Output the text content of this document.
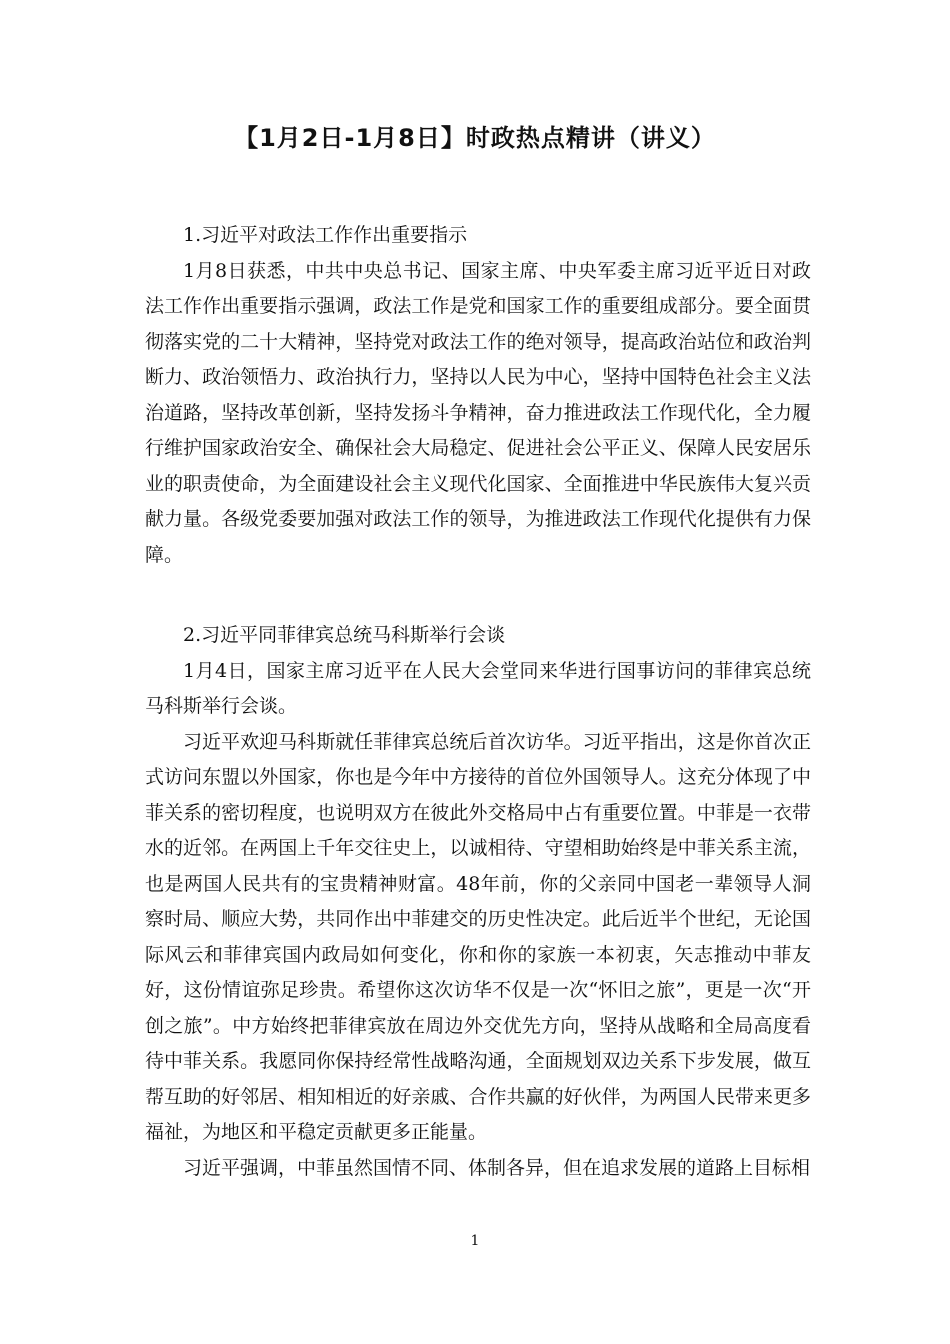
【1月2日-1月8日】时政热点精讲（讲义）
1.习近平对政法工作作出重要指示

1月8日获悉，中共中央总书记、国家主席、中央军委主席习近平近日对政法工作作出重要指示强调，政法工作是党和国家工作的重要组成部分。要全面贯彻落实党的二十大精神，坚持党对政法工作的绝对领导，提高政治站位和政治判断力、政治领悟力、政治执行力，坚持以人民为中心，坚持中国特色社会主义法治道路，坚持改革创新，坚持发扬斗争精神，奋力推进政法工作现代化，全力履行维护国家政治安全、确保社会大局稳定、促进社会公平正义、保障人民安居乐业的职责使命，为全面建设社会主义现代化国家、全面推进中华民族伟大复兴贡献力量。各级党委要加强对政法工作的领导，为推进政法工作现代化提供有力保障。

2.习近平同菲律宾总统马科斯举行会谈

1月4日，国家主席习近平在人民大会堂同来华进行国事访问的菲律宾总统马科斯举行会谈。

习近平欢迎马科斯就任菲律宾总统后首次访华。习近平指出，这是你首次正式访问东盟以外国家，你也是今年中方接待的首位外国领导人。这充分体现了中菲关系的密切程度，也说明双方在彼此外交格局中占有重要位置。中菲是一衣带水的近邻。在两国上千年交往史上，以诚相待、守望相助始终是中菲关系主流，也是两国人民共有的宝贵精神财富。48年前，你的父亲同中国老一辈领导人洞察时局、顺应大势，共同作出中菲建交的历史性决定。此后近半个世纪，无论国际风云和菲律宾国内政局如何变化，你和你的家族一本初衷，矢志推动中菲友好，这份情谊弥足珍贵。希望你这次访华不仅是一次“怀旧之旅”，更是一次“开创之旅”。中方始终把菲律宾放在周边外交优先方向，坚持从战略和全局高度看待中菲关系。我愿同你保持经常性战略沟通，全面规划双边关系下步发展，做互帮互助的好邻居、相知相近的好亲戚、合作共赢的好伙伴，为两国人民带来更多福祉，为地区和平稳定贡献更多正能量。

习近平强调，中菲虽然国情不同、体制各异，但在追求发展的道路上目标相

1
